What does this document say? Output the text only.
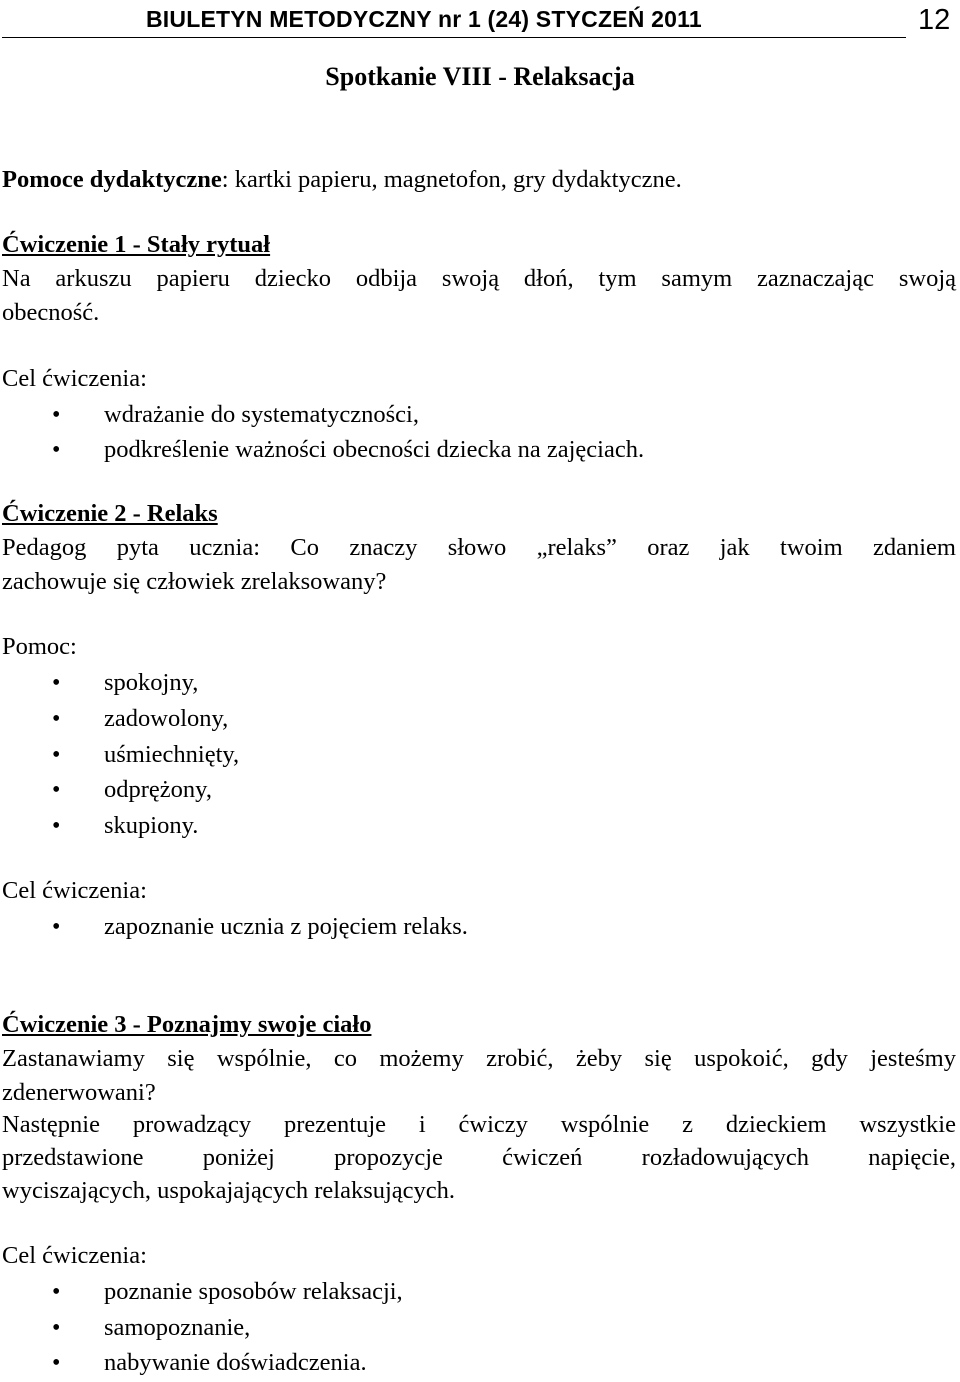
BIULETYN METODYCZNY nr 1 (24) STYCZEŃ 2011	12
Spotkanie VIII - Relaksacja
Pomoce dydaktyczne: kartki papieru, magnetofon, gry dydaktyczne.
Ćwiczenie 1 - Stały rytuał
Na arkuszu papieru dziecko odbija swoją dłoń, tym samym zaznaczając swoją
obecność.
Cel ćwiczenia:
• wdrażanie do systematyczności,
• podkreślenie ważności obecności dziecka na zajęciach.
Ćwiczenie 2 - Relaks
Pedagog pyta ucznia: Co znaczy słowo „relaks” oraz jak twoim zdaniem
zachowuje się człowiek zrelaksowany?
Pomoc:
• spokojny,
• zadowolony,
• uśmiechnięty,
• odprężony,
• skupiony.
Cel ćwiczenia:
• zapoznanie ucznia z pojęciem relaks.
Ćwiczenie 3 - Poznajmy swoje ciało
Zastanawiamy się wspólnie, co możemy zrobić, żeby się uspokoić, gdy jesteśmy
zdenerwowani?
Następnie prowadzący prezentuje i ćwiczy wspólnie z dzieckiem wszystkie
przedstawione poniżej propozycje ćwiczeń rozładowujących napięcie,
wyciszających, uspokajających relaksujących.
Cel ćwiczenia:
• poznanie sposobów relaksacji,
• samopoznanie,
• nabywanie doświadczenia.
